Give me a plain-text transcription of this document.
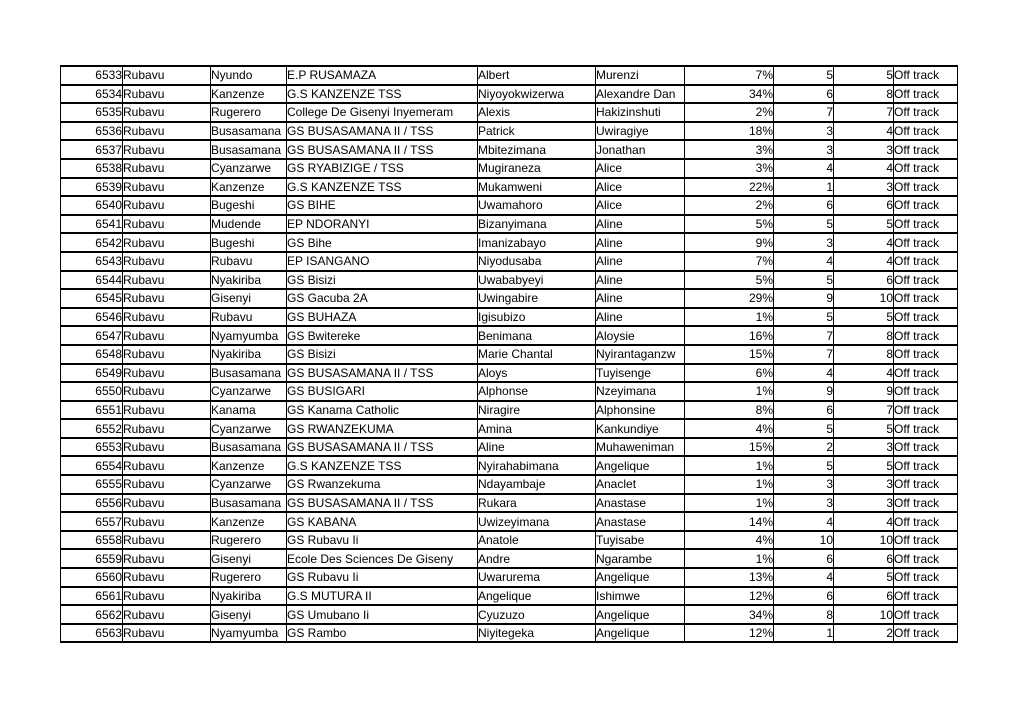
6533	Rubavu	Nyundo	E.P RUSAMAZA	Albert	Murenzi	7%	5	5	Off track
6534	Rubavu	Kanzenze	G.S KANZENZE TSS	Niyoyokwizerwa	Alexandre Dan	34%	6	8	Off track
6535	Rubavu	Rugerero	College De Gisenyi Inyemeram	Alexis	Hakizinshuti	2%	7	7	Off track
6536	Rubavu	Busasamana	GS BUSASAMANA II / TSS	Patrick	Uwiragiye	18%	3	4	Off track
6537	Rubavu	Busasamana	GS BUSASAMANA II / TSS	Mbitezimana	Jonathan	3%	3	3	Off track
6538	Rubavu	Cyanzarwe	GS RYABIZIGE / TSS	Mugiraneza	Alice	3%	4	4	Off track
6539	Rubavu	Kanzenze	G.S KANZENZE TSS	Mukamweni	Alice	22%	1	3	Off track
6540	Rubavu	Bugeshi	GS BIHE	Uwamahoro	Alice	2%	6	6	Off track
6541	Rubavu	Mudende	EP NDORANYI	Bizanyimana	Aline	5%	5	5	Off track
6542	Rubavu	Bugeshi	GS Bihe	Imanizabayo	Aline	9%	3	4	Off track
6543	Rubavu	Rubavu	EP ISANGANO	Niyodusaba	Aline	7%	4	4	Off track
6544	Rubavu	Nyakiriba	GS Bisizi	Uwababyeyi	Aline	5%	5	6	Off track
6545	Rubavu	Gisenyi	GS Gacuba 2A	Uwingabire	Aline	29%	9	10	Off track
6546	Rubavu	Rubavu	GS BUHAZA	Igisubizo	Aline	1%	5	5	Off track
6547	Rubavu	Nyamyumba	GS Bwitereke	Benimana	Aloysie	16%	7	8	Off track
6548	Rubavu	Nyakiriba	GS Bisizi	Marie Chantal	Nyirantaganzw	15%	7	8	Off track
6549	Rubavu	Busasamana	GS BUSASAMANA II / TSS	Aloys	Tuyisenge	6%	4	4	Off track
6550	Rubavu	Cyanzarwe	GS BUSIGARI	Alphonse	Nzeyimana	1%	9	9	Off track
6551	Rubavu	Kanama	GS Kanama Catholic	Niragire	Alphonsine	8%	6	7	Off track
6552	Rubavu	Cyanzarwe	GS RWANZEKUMA	Amina	Kankundiye	4%	5	5	Off track
6553	Rubavu	Busasamana	GS BUSASAMANA II / TSS	Aline	Muhaweniman	15%	2	3	Off track
6554	Rubavu	Kanzenze	G.S KANZENZE TSS	Nyirahabimana	Angelique	1%	5	5	Off track
6555	Rubavu	Cyanzarwe	GS Rwanzekuma	Ndayambaje	Anaclet	1%	3	3	Off track
6556	Rubavu	Busasamana	GS BUSASAMANA II / TSS	Rukara	Anastase	1%	3	3	Off track
6557	Rubavu	Kanzenze	GS KABANA	Uwizeyimana	Anastase	14%	4	4	Off track
6558	Rubavu	Rugerero	GS Rubavu Ii	Anatole	Tuyisabe	4%	10	10	Off track
6559	Rubavu	Gisenyi	Ecole Des Sciences De Giseny	Andre	Ngarambe	1%	6	6	Off track
6560	Rubavu	Rugerero	GS Rubavu Ii	Uwarurema	Angelique	13%	4	5	Off track
6561	Rubavu	Nyakiriba	G.S MUTURA II	Angelique	Ishimwe	12%	6	6	Off track
6562	Rubavu	Gisenyi	GS Umubano Ii	Cyuzuzo	Angelique	34%	8	10	Off track
6563	Rubavu	Nyamyumba	GS Rambo	Niyitegeka	Angelique	12%	1	2	Off track
